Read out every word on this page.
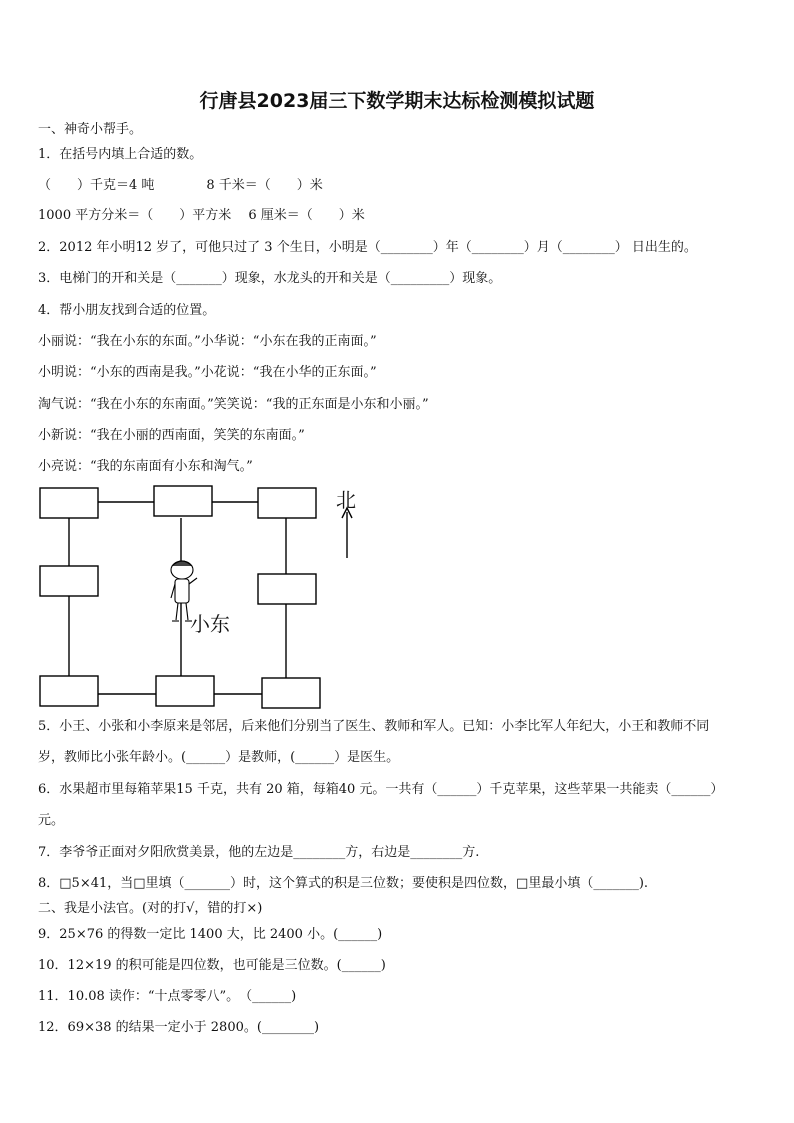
行唐县2023届三下数学期末达标检测模拟试题
一、神奇小帮手。
1．在括号内填上合适的数。
（　　）千克＝4 吨　　　　8 千米＝（　　）米
1000 平方分米＝（　　）平方米　 6 厘米＝（　　）米
2．2012 年小明12 岁了，可他只过了 3 个生日，小明是（________）年（________）月（________） 日出生的。
3．电梯门的开和关是（_______）现象，水龙头的开和关是（_________）现象。
4．帮小朋友找到合适的位置。
小丽说：“我在小东的东面。”小华说：“小东在我的正南面。”
小明说：“小东的西南是我。”小花说：“我在小华的正东面。”
淘气说：“我在小东的东南面。”笑笑说：“我的正东面是小东和小丽。”
小新说：“我在小丽的西南面，笑笑的东南面。”
小亮说：“我的东南面有小东和淘气。”
小东
北
5．小王、小张和小李原来是邻居，后来他们分别当了医生、教师和军人。已知：小李比军人年纪大，小王和教师不同
岁，教师比小张年龄小。(______）是教师，(______）是医生。
6．水果超市里每箱苹果15 千克，共有 20 箱，每箱40 元。一共有（______）千克苹果，这些苹果一共能卖（______）
元。
7．李爷爷正面对夕阳欣赏美景，他的左边是________方，右边是________方.
8．□5×41，当□里填（_______）时，这个算式的积是三位数；要使积是四位数，□里最小填（_______).
二、我是小法官。(对的打√，错的打×)
9．25×76 的得数一定比 1400 大，比 2400 小。(______)
10．12×19 的积可能是四位数，也可能是三位数。(______)
11．10.08 读作：“十点零零八”。　（______)
12．69×38 的结果一定小于 2800。(________)
